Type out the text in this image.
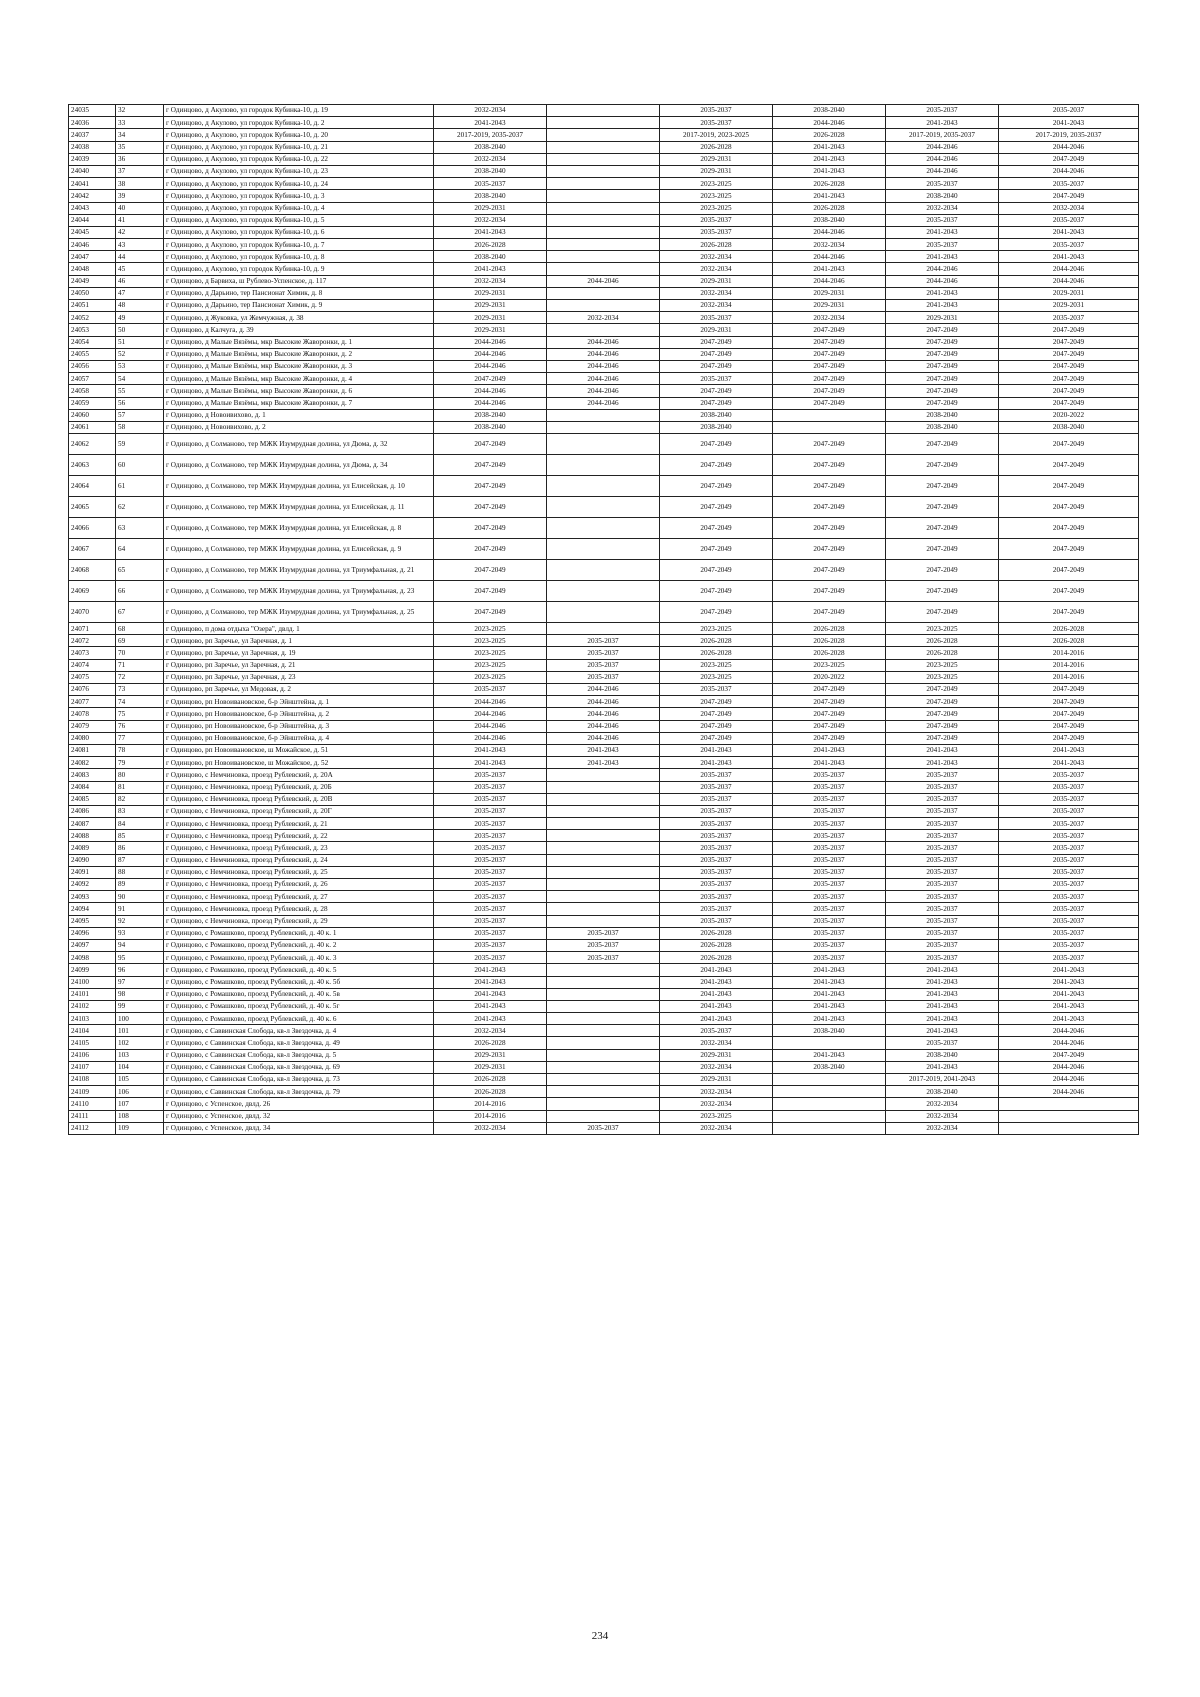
24035	32	г Одинцово, д Акулово, ул городок Кубинка-10, д. 19	2032-2034		2035-2037	2038-2040	2035-2037	2035-2037
24036	33	г Одинцово, д Акулово, ул городок Кубинка-10, д. 2	2041-2043		2035-2037	2044-2046	2041-2043	2041-2043
24037	34	г Одинцово, д Акулово, ул городок Кубинка-10, д. 20	2017-2019, 2035-2037		2017-2019, 2023-2025	2026-2028	2017-2019, 2035-2037	2017-2019, 2035-2037
24038	35	г Одинцово, д Акулово, ул городок Кубинка-10, д. 21	2038-2040		2026-2028	2041-2043	2044-2046	2044-2046
24039	36	г Одинцово, д Акулово, ул городок Кубинка-10, д. 22	2032-2034		2029-2031	2041-2043	2044-2046	2047-2049
24040	37	г Одинцово, д Акулово, ул городок Кубинка-10, д. 23	2038-2040		2029-2031	2041-2043	2044-2046	2044-2046
24041	38	г Одинцово, д Акулово, ул городок Кубинка-10, д. 24	2035-2037		2023-2025	2026-2028	2035-2037	2035-2037
24042	39	г Одинцово, д Акулово, ул городок Кубинка-10, д. 3	2038-2040		2023-2025	2041-2043	2038-2040	2047-2049
24043	40	г Одинцово, д Акулово, ул городок Кубинка-10, д. 4	2029-2031		2023-2025	2026-2028	2032-2034	2032-2034
24044	41	г Одинцово, д Акулово, ул городок Кубинка-10, д. 5	2032-2034		2035-2037	2038-2040	2035-2037	2035-2037
24045	42	г Одинцово, д Акулово, ул городок Кубинка-10, д. 6	2041-2043		2035-2037	2044-2046	2041-2043	2041-2043
24046	43	г Одинцово, д Акулово, ул городок Кубинка-10, д. 7	2026-2028		2026-2028	2032-2034	2035-2037	2035-2037
24047	44	г Одинцово, д Акулово, ул городок Кубинка-10, д. 8	2038-2040		2032-2034	2044-2046	2041-2043	2041-2043
24048	45	г Одинцово, д Акулово, ул городок Кубинка-10, д. 9	2041-2043		2032-2034	2041-2043	2044-2046	2044-2046
24049	46	г Одинцово, д Барвиха, ш Рублево-Успенское, д. 117	2032-2034	2044-2046	2029-2031	2044-2046	2044-2046	2044-2046
24050	47	г Одинцово, д Дарьино, тер Пансионат Химик, д. 8	2029-2031		2032-2034	2029-2031	2041-2043	2029-2031
24051	48	г Одинцово, д Дарьино, тер Пансионат Химик, д. 9	2029-2031		2032-2034	2029-2031	2041-2043	2029-2031
24052	49	г Одинцово, д Жуковка, ул Жемчужная, д. 38	2029-2031	2032-2034	2035-2037	2032-2034	2029-2031	2035-2037
24053	50	г Одинцово, д Калчуга, д. 39	2029-2031		2029-2031	2047-2049	2047-2049	2047-2049
24054	51	г Одинцово, д Малые Вязёмы, мкр Высокие Жаворонки, д. 1	2044-2046	2044-2046	2047-2049	2047-2049	2047-2049	2047-2049
24055	52	г Одинцово, д Малые Вязёмы, мкр Высокие Жаворонки, д. 2	2044-2046	2044-2046	2047-2049	2047-2049	2047-2049	2047-2049
24056	53	г Одинцово, д Малые Вязёмы, мкр Высокие Жаворонки, д. 3	2044-2046	2044-2046	2047-2049	2047-2049	2047-2049	2047-2049
24057	54	г Одинцово, д Малые Вязёмы, мкр Высокие Жаворонки, д. 4	2047-2049	2044-2046	2035-2037	2047-2049	2047-2049	2047-2049
24058	55	г Одинцово, д Малые Вязёмы, мкр Высокие Жаворонки, д. 6	2044-2046	2044-2046	2047-2049	2047-2049	2047-2049	2047-2049
24059	56	г Одинцово, д Малые Вязёмы, мкр Высокие Жаворонки, д. 7	2044-2046	2044-2046	2047-2049	2047-2049	2047-2049	2047-2049
24060	57	г Одинцово, д Новоивихово, д. 1	2038-2040		2038-2040		2038-2040	2020-2022
24061	58	г Одинцово, д Новоивихово, д. 2	2038-2040		2038-2040		2038-2040	2038-2040
24062	59	г Одинцово, д Солманово, тер МЖК Изумрудная долина, ул Дюма, д. 32	2047-2049		2047-2049	2047-2049	2047-2049	2047-2049
24063	60	г Одинцово, д Солманово, тер МЖК Изумрудная долина, ул Дюма, д. 34	2047-2049		2047-2049	2047-2049	2047-2049	2047-2049
24064	61	г Одинцово, д Солманово, тер МЖК Изумрудная долина, ул Елисейская, д. 10	2047-2049		2047-2049	2047-2049	2047-2049	2047-2049
24065	62	г Одинцово, д Солманово, тер МЖК Изумрудная долина, ул Елисейская, д. 11	2047-2049		2047-2049	2047-2049	2047-2049	2047-2049
24066	63	г Одинцово, д Солманово, тер МЖК Изумрудная долина, ул Елисейская, д. 8	2047-2049		2047-2049	2047-2049	2047-2049	2047-2049
24067	64	г Одинцово, д Солманово, тер МЖК Изумрудная долина, ул Елисейская, д. 9	2047-2049		2047-2049	2047-2049	2047-2049	2047-2049
24068	65	г Одинцово, д Солманово, тер МЖК Изумрудная долина, ул Триумфальная, д. 21	2047-2049		2047-2049	2047-2049	2047-2049	2047-2049
24069	66	г Одинцово, д Солманово, тер МЖК Изумрудная долина, ул Триумфальная, д. 23	2047-2049		2047-2049	2047-2049	2047-2049	2047-2049
24070	67	г Одинцово, д Солманово, тер МЖК Изумрудная долина, ул Триумфальная, д. 25	2047-2049		2047-2049	2047-2049	2047-2049	2047-2049
24071	68	г Одинцово, п дома отдыха "Озера", двлд. 1	2023-2025		2023-2025	2026-2028	2023-2025	2026-2028
24072	69	г Одинцово, рп Заречье, ул Заречная, д. 1	2023-2025	2035-2037	2026-2028	2026-2028	2026-2028	2026-2028
24073	70	г Одинцово, рп Заречье, ул Заречная, д. 19	2023-2025	2035-2037	2026-2028	2026-2028	2026-2028	2014-2016
24074	71	г Одинцово, рп Заречье, ул Заречная, д. 21	2023-2025	2035-2037	2023-2025	2023-2025	2023-2025	2014-2016
24075	72	г Одинцово, рп Заречье, ул Заречная, д. 23	2023-2025	2035-2037	2023-2025	2020-2022	2023-2025	2014-2016
24076	73	г Одинцово, рп Заречье, ул Медовая, д. 2	2035-2037	2044-2046	2035-2037	2047-2049	2047-2049	2047-2049
24077	74	г Одинцово, рп Новоивановское, б-р Эйнштейна, д. 1	2044-2046	2044-2046	2047-2049	2047-2049	2047-2049	2047-2049
24078	75	г Одинцово, рп Новоивановское, б-р Эйнштейна, д. 2	2044-2046	2044-2046	2047-2049	2047-2049	2047-2049	2047-2049
24079	76	г Одинцово, рп Новоивановское, б-р Эйнштейна, д. 3	2044-2046	2044-2046	2047-2049	2047-2049	2047-2049	2047-2049
24080	77	г Одинцово, рп Новоивановское, б-р Эйнштейна, д. 4	2044-2046	2044-2046	2047-2049	2047-2049	2047-2049	2047-2049
24081	78	г Одинцово, рп Новоивановское, ш Можайское, д. 51	2041-2043	2041-2043	2041-2043	2041-2043	2041-2043	2041-2043
24082	79	г Одинцово, рп Новоивановское, ш Можайское, д. 52	2041-2043	2041-2043	2041-2043	2041-2043	2041-2043	2041-2043
24083	80	г Одинцово, с Немчиновка, проезд Рублевский, д. 20А	2035-2037		2035-2037	2035-2037	2035-2037	2035-2037
24084	81	г Одинцово, с Немчиновка, проезд Рублевский, д. 20Б	2035-2037		2035-2037	2035-2037	2035-2037	2035-2037
24085	82	г Одинцово, с Немчиновка, проезд Рублевский, д. 20В	2035-2037		2035-2037	2035-2037	2035-2037	2035-2037
24086	83	г Одинцово, с Немчиновка, проезд Рублевский, д. 20Г	2035-2037		2035-2037	2035-2037	2035-2037	2035-2037
24087	84	г Одинцово, с Немчиновка, проезд Рублевский, д. 21	2035-2037		2035-2037	2035-2037	2035-2037	2035-2037
24088	85	г Одинцово, с Немчиновка, проезд Рублевский, д. 22	2035-2037		2035-2037	2035-2037	2035-2037	2035-2037
24089	86	г Одинцово, с Немчиновка, проезд Рублевский, д. 23	2035-2037		2035-2037	2035-2037	2035-2037	2035-2037
24090	87	г Одинцово, с Немчиновка, проезд Рублевский, д. 24	2035-2037		2035-2037	2035-2037	2035-2037	2035-2037
24091	88	г Одинцово, с Немчиновка, проезд Рублевский, д. 25	2035-2037		2035-2037	2035-2037	2035-2037	2035-2037
24092	89	г Одинцово, с Немчиновка, проезд Рублевский, д. 26	2035-2037		2035-2037	2035-2037	2035-2037	2035-2037
24093	90	г Одинцово, с Немчиновка, проезд Рублевский, д. 27	2035-2037		2035-2037	2035-2037	2035-2037	2035-2037
24094	91	г Одинцово, с Немчиновка, проезд Рублевский, д. 28	2035-2037		2035-2037	2035-2037	2035-2037	2035-2037
24095	92	г Одинцово, с Немчиновка, проезд Рублевский, д. 29	2035-2037		2035-2037	2035-2037	2035-2037	2035-2037
24096	93	г Одинцово, с Ромашково, проезд Рублевский, д. 40 к. 1	2035-2037	2035-2037	2026-2028	2035-2037	2035-2037	2035-2037
24097	94	г Одинцово, с Ромашково, проезд Рублевский, д. 40 к. 2	2035-2037	2035-2037	2026-2028	2035-2037	2035-2037	2035-2037
24098	95	г Одинцово, с Ромашково, проезд Рублевский, д. 40 к. 3	2035-2037	2035-2037	2026-2028	2035-2037	2035-2037	2035-2037
24099	96	г Одинцово, с Ромашково, проезд Рублевский, д. 40 к. 5	2041-2043		2041-2043	2041-2043	2041-2043	2041-2043
24100	97	г Одинцово, с Ромашково, проезд Рублевский, д. 40 к. 5б	2041-2043		2041-2043	2041-2043	2041-2043	2041-2043
24101	98	г Одинцово, с Ромашково, проезд Рублевский, д. 40 к. 5в	2041-2043		2041-2043	2041-2043	2041-2043	2041-2043
24102	99	г Одинцово, с Ромашково, проезд Рублевский, д. 40 к. 5г	2041-2043		2041-2043	2041-2043	2041-2043	2041-2043
24103	100	г Одинцово, с Ромашково, проезд Рублевский, д. 40 к. 6	2041-2043		2041-2043	2041-2043	2041-2043	2041-2043
24104	101	г Одинцово, с Саввинская Слобода, кв-л Звездочка, д. 4	2032-2034		2035-2037	2038-2040	2041-2043	2044-2046
24105	102	г Одинцово, с Саввинская Слобода, кв-л Звездочка, д. 49	2026-2028		2032-2034		2035-2037	2044-2046
24106	103	г Одинцово, с Саввинская Слобода, кв-л Звездочка, д. 5	2029-2031		2029-2031	2041-2043	2038-2040	2047-2049
24107	104	г Одинцово, с Саввинская Слобода, кв-л Звездочка, д. 69	2029-2031		2032-2034	2038-2040	2041-2043	2044-2046
24108	105	г Одинцово, с Саввинская Слобода, кв-л Звездочка, д. 73	2026-2028		2029-2031		2017-2019, 2041-2043	2044-2046
24109	106	г Одинцово, с Саввинская Слобода, кв-л Звездочка, д. 79	2026-2028		2032-2034		2038-2040	2044-2046
24110	107	г Одинцово, с Успенское, двлд. 26	2014-2016		2032-2034		2032-2034	
24111	108	г Одинцово, с Успенское, двлд. 32	2014-2016		2023-2025		2032-2034	
24112	109	г Одинцово, с Успенское, двлд. 34	2032-2034	2035-2037	2032-2034		2032-2034	
234
